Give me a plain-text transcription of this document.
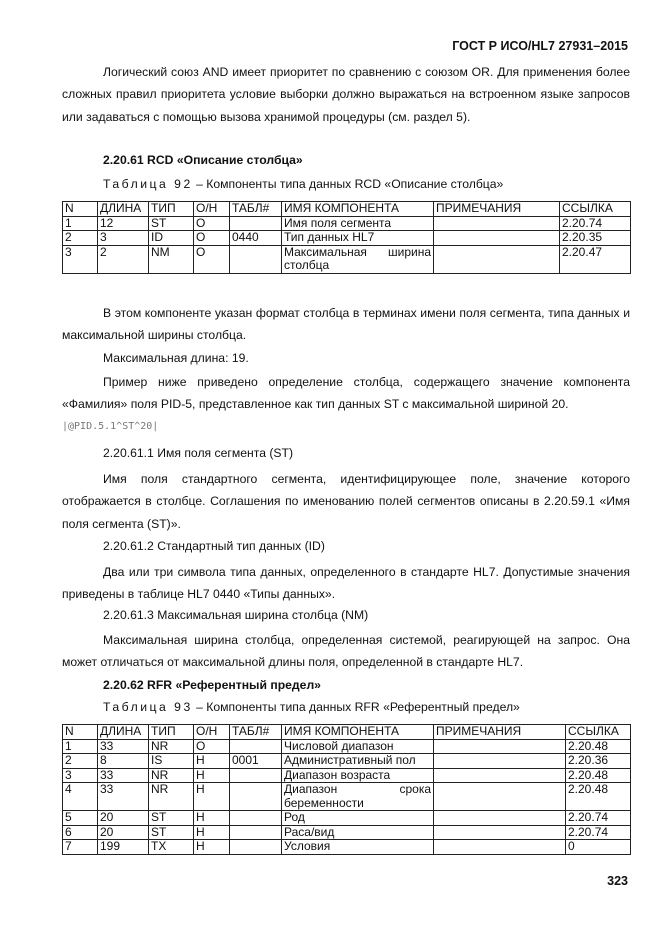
ГОСТ Р ИСО/HL7 27931–2015
Логический союз AND имеет приоритет по сравнению с союзом OR. Для применения более сложных правил приоритета условие выборки должно выражаться на встроенном языке запросов или задаваться с помощью вызова хранимой процедуры (см. раздел 5).
2.20.61 RCD «Описание столбца»
Таблица 92 – Компоненты типа данных RCD «Описание столбца»
N	ДЛИНА	ТИП	О/Н	ТАБЛ#	ИМЯ КОМПОНЕНТА	ПРИМЕЧАНИЯ	ССЫЛКА
1	12	ST	O		Имя поля сегмента		2.20.74
2	3	ID	O	0440	Тип данных HL7		2.20.35
3	2	NM	O		Максимальная ширина столбца		2.20.47
В этом компоненте указан формат столбца в терминах имени поля сегмента, типа данных и максимальной ширины столбца.
Максимальная длина: 19.
Пример ниже приведено определение столбца, содержащего значение компонента «Фамилия» поля PID-5, представленное как тип данных ST с максимальной шириной 20.
|@PID.5.1^ST^20|
2.20.61.1 Имя поля сегмента (ST)
Имя поля стандартного сегмента, идентифицирующее поле, значение которого отображается в столбце. Соглашения по именованию полей сегментов описаны в 2.20.59.1 «Имя поля сегмента (ST)».
2.20.61.2 Стандартный тип данных (ID)
Два или три символа типа данных, определенного в стандарте HL7. Допустимые значения приведены в таблице HL7 0440 «Типы данных».
2.20.61.3 Максимальная ширина столбца (NM)
Максимальная ширина столбца, определенная системой, реагирующей на запрос. Она может отличаться от максимальной длины поля, определенной в стандарте HL7.
2.20.62 RFR «Референтный предел»
Таблица 93 – Компоненты типа данных RFR «Референтный предел»
N	ДЛИНА	ТИП	О/Н	ТАБЛ#	ИМЯ КОМПОНЕНТА	ПРИМЕЧАНИЯ	ССЫЛКА
1	33	NR	O		Числовой диапазон		2.20.48
2	8	IS	H	0001	Административный пол		2.20.36
3	33	NR	H		Диапазон возраста		2.20.48
4	33	NR	H		Диапазон срока беременности		2.20.48
5	20	ST	H		Род		2.20.74
6	20	ST	H		Раса/вид		2.20.74
7	199	TX	H		Условия		0
323
